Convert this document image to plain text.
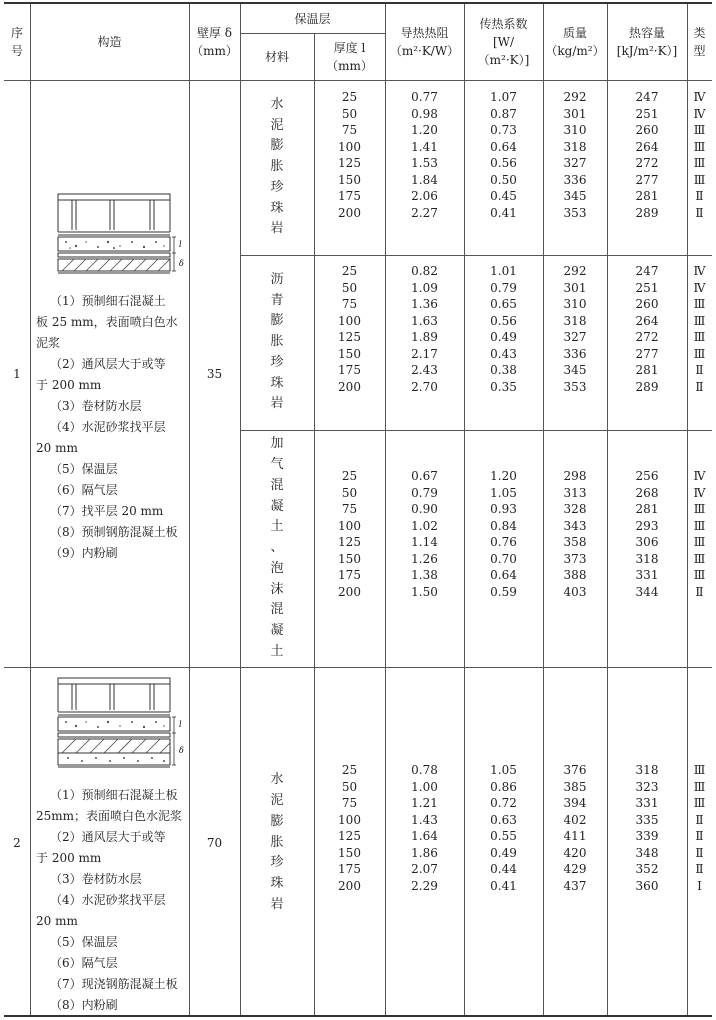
序
号
构造
壁厚 δ
（mm）
保温层
材料
厚度 l
（mm）
导热热阻
（m²·K/W）
传热系数
[W/
（m²·K）]
质量
（kg/m²）
热容量
[kJ/m²·K）]
类
型
1	35
l
δ
（1）预制细石混凝土
板 25 mm，表面喷白色水
泥浆
（2）通风层大于或等
于 200 mm
（3）卷材防水层
（4）水泥砂浆找平层
20 mm
（5）保温层
（6）隔气层
（7）找平层 20 mm
（8）预制钢筋混凝土板
（9）内粉刷
2	70
l
δ
（1）预制细石混凝土板
25mm；表面喷白色水泥浆
（2）通风层大于或等
于 200 mm
（3）卷材防水层
（4）水泥砂浆找平层
20 mm
（5）保温层
（6）隔气层
（7）现浇钢筋混凝土板
（8）内粉刷
水
泥
膨
胀
珍
珠
岩
25
50
75
100
125
150
175
200
0.77
0.98
1.20
1.41
1.53
1.84
2.06
2.27
1.07
0.87
0.73
0.64
0.56
0.50
0.45
0.41
292
301
310
318
327
336
345
353
247
251
260
264
272
277
281
289
Ⅳ
Ⅳ
Ⅲ
Ⅲ
Ⅲ
Ⅲ
Ⅱ
Ⅱ
沥
青
膨
胀
珍
珠
岩
25
50
75
100
125
150
175
200
0.82
1.09
1.36
1.63
1.89
2.17
2.43
2.70
1.01
0.79
0.65
0.56
0.49
0.43
0.38
0.35
292
301
310
318
327
336
345
353
247
251
260
264
272
277
281
289
Ⅳ
Ⅳ
Ⅲ
Ⅲ
Ⅲ
Ⅲ
Ⅱ
Ⅱ
加
气
混
凝
土
、
泡
沫
混
凝
土
25
50
75
100
125
150
175
200
0.67
0.79
0.90
1.02
1.14
1.26
1.38
1.50
1.20
1.05
0.93
0.84
0.76
0.70
0.64
0.59
298
313
328
343
358
373
388
403
256
268
281
293
306
318
331
344
Ⅳ
Ⅳ
Ⅲ
Ⅲ
Ⅲ
Ⅲ
Ⅲ
Ⅱ
水
泥
膨
胀
珍
珠
岩
25
50
75
100
125
150
175
200
0.78
1.00
1.21
1.43
1.64
1.86
2.07
2.29
1.05
0.86
0.72
0.63
0.55
0.49
0.44
0.41
376
385
394
402
411
420
429
437
318
323
331
335
339
348
352
360
Ⅲ
Ⅲ
Ⅲ
Ⅱ
Ⅱ
Ⅱ
Ⅱ
Ⅰ
